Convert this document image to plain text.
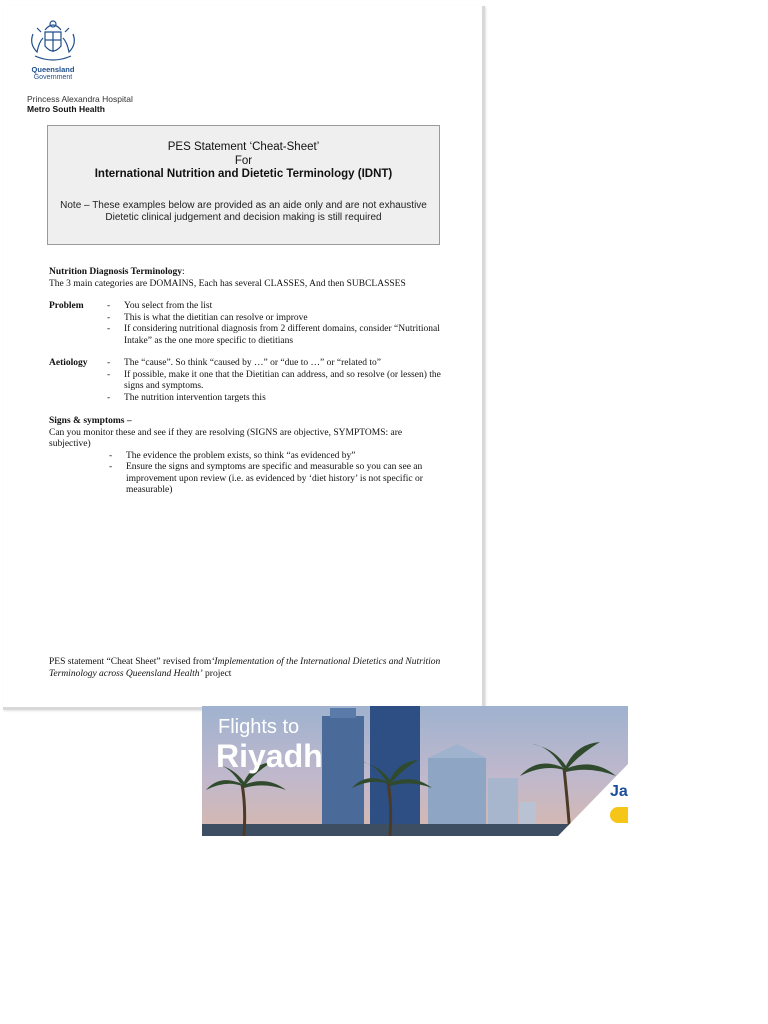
Queensland
Government
Princess Alexandra Hospital
Metro South Health
PES Statement ‘Cheat-Sheet’
For
International Nutrition and Dietetic Terminology (IDNT)
Note – These examples below are provided as an aide only and are not exhaustive
Dietetic clinical judgement and decision making is still required
Nutrition Diagnosis Terminology:
The 3 main categories are DOMAINS, Each has several CLASSES, And then SUBCLASSES
Problem - You select from the list
- This is what the dietitian can resolve or improve
- If considering nutritional diagnosis from 2 different domains, consider “Nutritional Intake” as the one more specific to dietitians
Aetiology - The “cause”. So think “caused by …” or “due to …” or “related to”
- If possible, make it one that the Dietitian can address, and so resolve (or lessen) the signs and symptoms.
- The nutrition intervention targets this
Signs & symptoms –
Can you monitor these and see if they are resolving (SIGNS are objective, SYMPTOMS: are subjective)
- The evidence the problem exists, so think “as evidenced by”
- Ensure the signs and symptoms are specific and measurable so you can see an improvement upon review (i.e. as evidenced by ‘diet history’ is not specific or measurable)
PES statement “Cheat Sheet” revised from‘Implementation of the International Dietetics and Nutrition Terminology across Queensland Health’ project
Flights to
Riyadh
Ja
